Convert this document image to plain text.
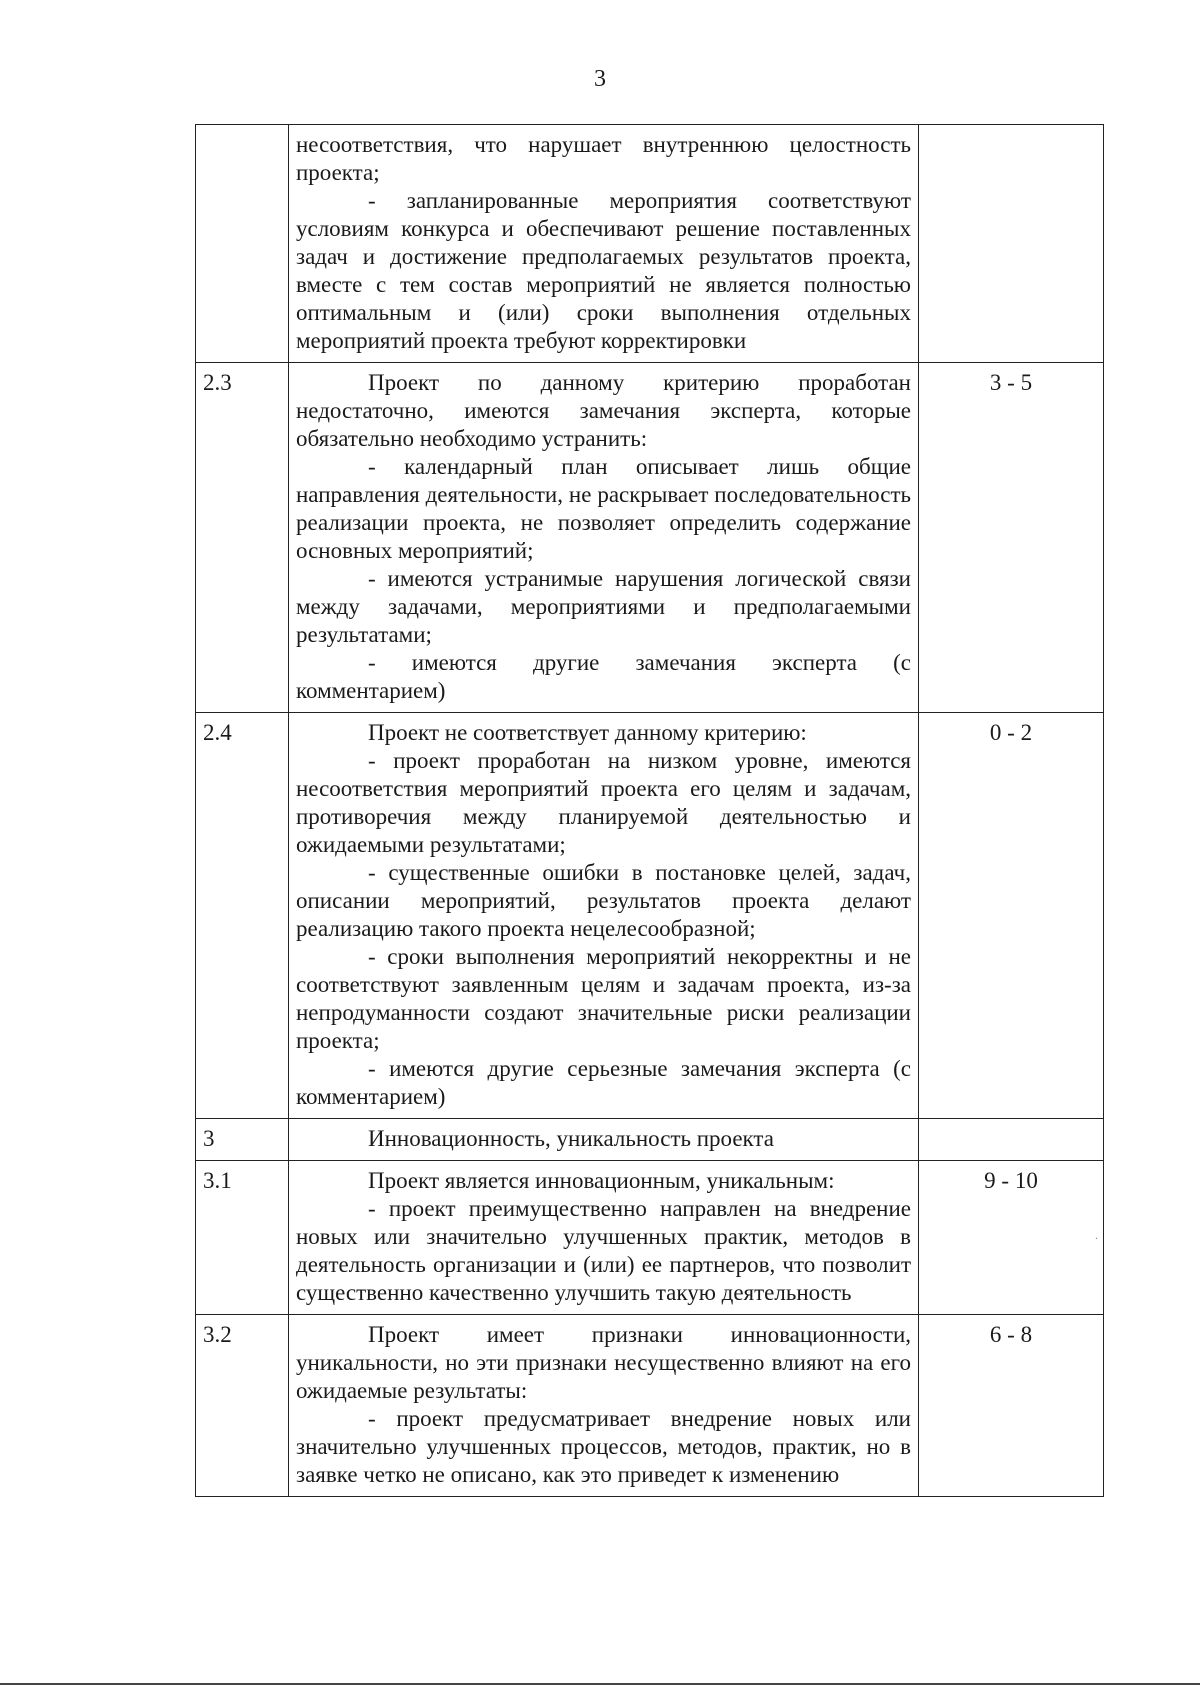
3

	несоответствия, что нарушает внутреннюю целостность проекта;
- запланированные мероприятия соответствуют условиям конкурса и обеспечивают решение поставленных задач и достижение предполагаемых результатов проекта, вместе с тем состав мероприятий не является полностью оптимальным и (или) сроки выполнения отдельных мероприятий проекта требуют корректировки	

2.3	Проект по данному критерию проработан недостаточно, имеются замечания эксперта, которые обязательно необходимо устранить:
- календарный план описывает лишь общие направления деятельности, не раскрывает последовательность реализации проекта, не позволяет определить содержание основных мероприятий;
- имеются устранимые нарушения логической связи между задачами, мероприятиями и предполагаемыми результатами;
- имеются другие замечания эксперта (с комментарием)	3 - 5
2.4	Проект не соответствует данному критерию:
- проект проработан на низком уровне, имеются несоответствия мероприятий проекта его целям и задачам, противоречия между планируемой деятельностью и ожидаемыми результатами;
- существенные ошибки в постановке целей, задач, описании мероприятий, результатов проекта делают реализацию такого проекта нецелесообразной;
- сроки выполнения мероприятий некорректны и не соответствуют заявленным целям и задачам проекта, из-за непродуманности создают значительные риски реализации проекта;
- имеются другие серьезные замечания эксперта (с комментарием)	0 - 2
3	Инновационность, уникальность проекта	

3.1	Проект является инновационным, уникальным:
- проект преимущественно направлен на внедрение новых или значительно улучшенных практик, методов в деятельность организации и (или) ее партнеров, что позволит существенно качественно улучшить такую деятельность	9 - 10
3.2	Проект имеет признаки инновационности, уникальности, но эти признаки несущественно влияют на его ожидаемые результаты:
- проект предусматривает внедрение новых или значительно улучшенных процессов, методов, практик, но в заявке четко не описано, как это приведет к изменению	6 - 8
.
